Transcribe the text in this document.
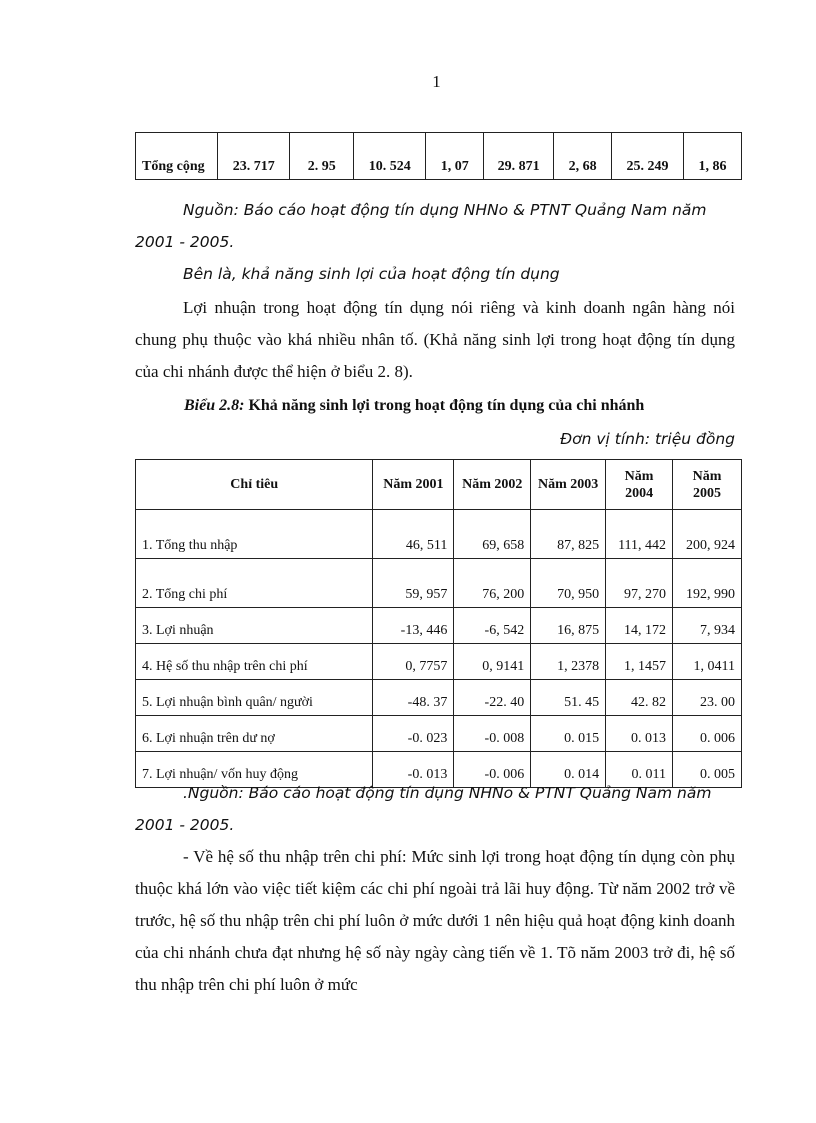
1
Tổng cộng	23. 717	2. 95	10. 524	1, 07	29. 871	2, 68	25. 249	1, 86
Nguồn: Báo cáo hoạt động tín dụng NHNo & PTNT Quảng Nam năm 2001 - 2005.
Bên là, khả năng sinh lợi của hoạt động tín dụng
Lợi nhuận trong hoạt động tín dụng nói riêng và kinh doanh ngân hàng nói chung phụ thuộc vào khá nhiều nhân tố. (Khả năng sinh lợi trong hoạt động tín dụng của chi nhánh được thể hiện ở biểu 2. 8).
Biểu 2.8: Khả năng sinh lợi trong hoạt động tín dụng của chi nhánh
Đơn vị tính: triệu đồng
Chỉ tiêu	Năm 2001	Năm 2002	Năm 2003	Năm 2004	Năm 2005
1. Tổng thu nhập	46, 511	69, 658	87, 825	111, 442	200, 924
2. Tổng chi phí	59, 957	76, 200	70, 950	97, 270	192, 990
3. Lợi nhuận	-13, 446	-6, 542	16, 875	14, 172	7, 934
4. Hệ số thu nhập trên chi phí	0, 7757	0, 9141	1, 2378	1, 1457	1, 0411
5. Lợi nhuận bình quân/ người	-48. 37	-22. 40	51. 45	42. 82	23. 00
6. Lợi nhuận trên dư nợ	-0. 023	-0. 008	0. 015	0. 013	0. 006
7. Lợi nhuận/ vốn huy động	-0. 013	-0. 006	0. 014	0. 011	0. 005
.Nguồn: Báo cáo hoạt động tín dụng NHNo & PTNT Quảng Nam năm 2001 - 2005.
- Về hệ số thu nhập trên chi phí: Mức sinh lợi trong hoạt động tín dụng còn phụ thuộc khá lớn vào việc tiết kiệm các chi phí ngoài trả lãi huy động. Từ năm 2002 trở về trước, hệ số thu nhập trên chi phí luôn ở mức dưới 1 nên hiệu quả hoạt động kinh doanh của chi nhánh chưa đạt nhưng hệ số này ngày càng tiến về 1. Tõ năm 2003 trở đi, hệ số thu nhập trên chi phí luôn ở mức
